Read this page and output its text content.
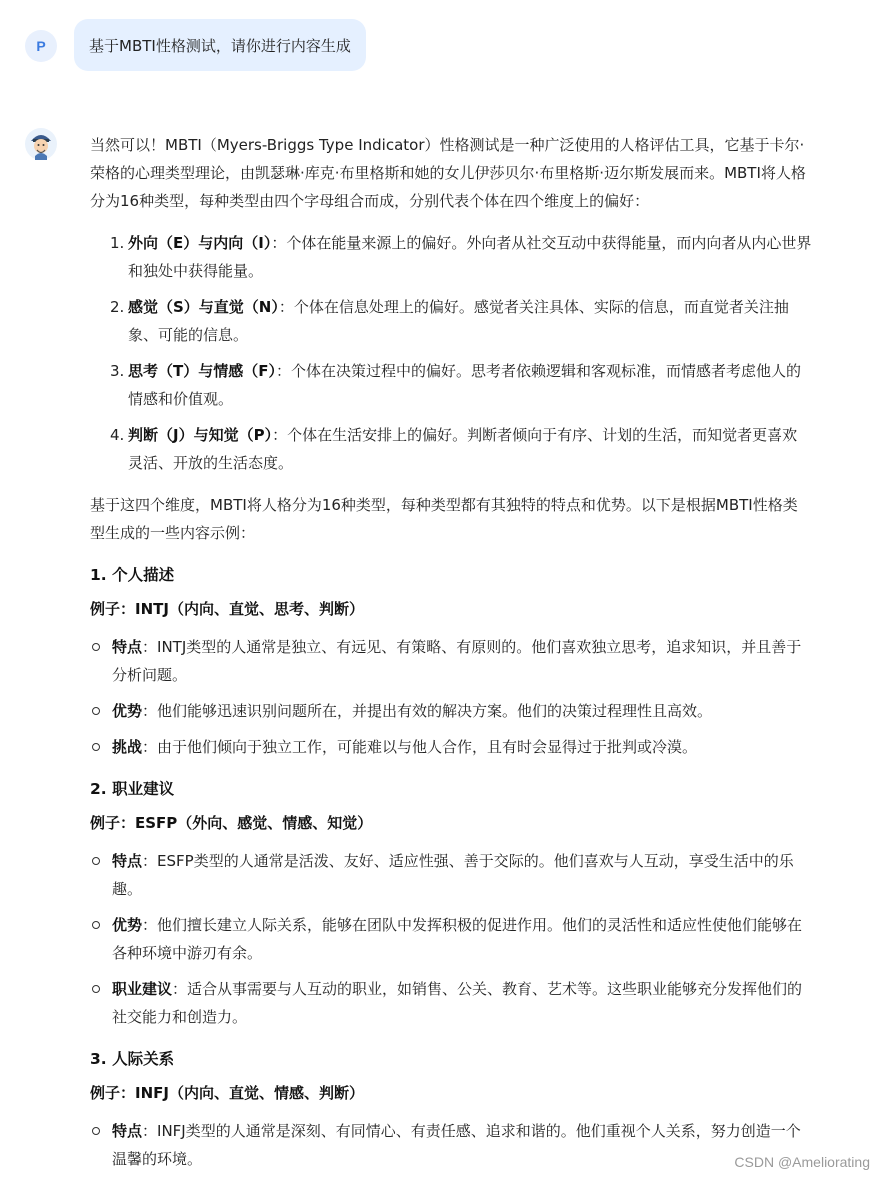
P	基于MBTI性格测试，请你进行内容生成

当然可以！MBTI（Myers-Briggs Type Indicator）性格测试是一种广泛使用的人格评估工具，它基于卡尔·荣格的心理类型理论，由凯瑟琳·库克·布里格斯和她的女儿伊莎贝尔·布里格斯·迈尔斯发展而来。MBTI将人格分为16种类型，每种类型由四个字母组合而成，分别代表个体在四个维度上的偏好：

1. 外向（E）与内向（I）：个体在能量来源上的偏好。外向者从社交互动中获得能量，而内向者从内心世界和独处中获得能量。
2. 感觉（S）与直觉（N）：个体在信息处理上的偏好。感觉者关注具体、实际的信息，而直觉者关注抽象、可能的信息。
3. 思考（T）与情感（F）：个体在决策过程中的偏好。思考者依赖逻辑和客观标准，而情感者考虑他人的情感和价值观。
4. 判断（J）与知觉（P）：个体在生活安排上的偏好。判断者倾向于有序、计划的生活，而知觉者更喜欢灵活、开放的生活态度。

基于这四个维度，MBTI将人格分为16种类型，每种类型都有其独特的特点和优势。以下是根据MBTI性格类型生成的一些内容示例：

1. 个人描述
例子：INTJ（内向、直觉、思考、判断）
特点：INTJ类型的人通常是独立、有远见、有策略、有原则的。他们喜欢独立思考，追求知识，并且善于分析问题。
优势：他们能够迅速识别问题所在，并提出有效的解决方案。他们的决策过程理性且高效。
挑战：由于他们倾向于独立工作，可能难以与他人合作，且有时会显得过于批判或冷漠。
2. 职业建议
例子：ESFP（外向、感觉、情感、知觉）
特点：ESFP类型的人通常是活泼、友好、适应性强、善于交际的。他们喜欢与人互动，享受生活中的乐趣。
优势：他们擅长建立人际关系，能够在团队中发挥积极的促进作用。他们的灵活性和适应性使他们能够在各种环境中游刃有余。
职业建议：适合从事需要与人互动的职业，如销售、公关、教育、艺术等。这些职业能够充分发挥他们的社交能力和创造力。
3. 人际关系
例子：INFJ（内向、直觉、情感、判断）
特点：INFJ类型的人通常是深刻、有同情心、有责任感、追求和谐的。他们重视个人关系，努力创造一个温馨的环境。	CSDN @Ameliorating
